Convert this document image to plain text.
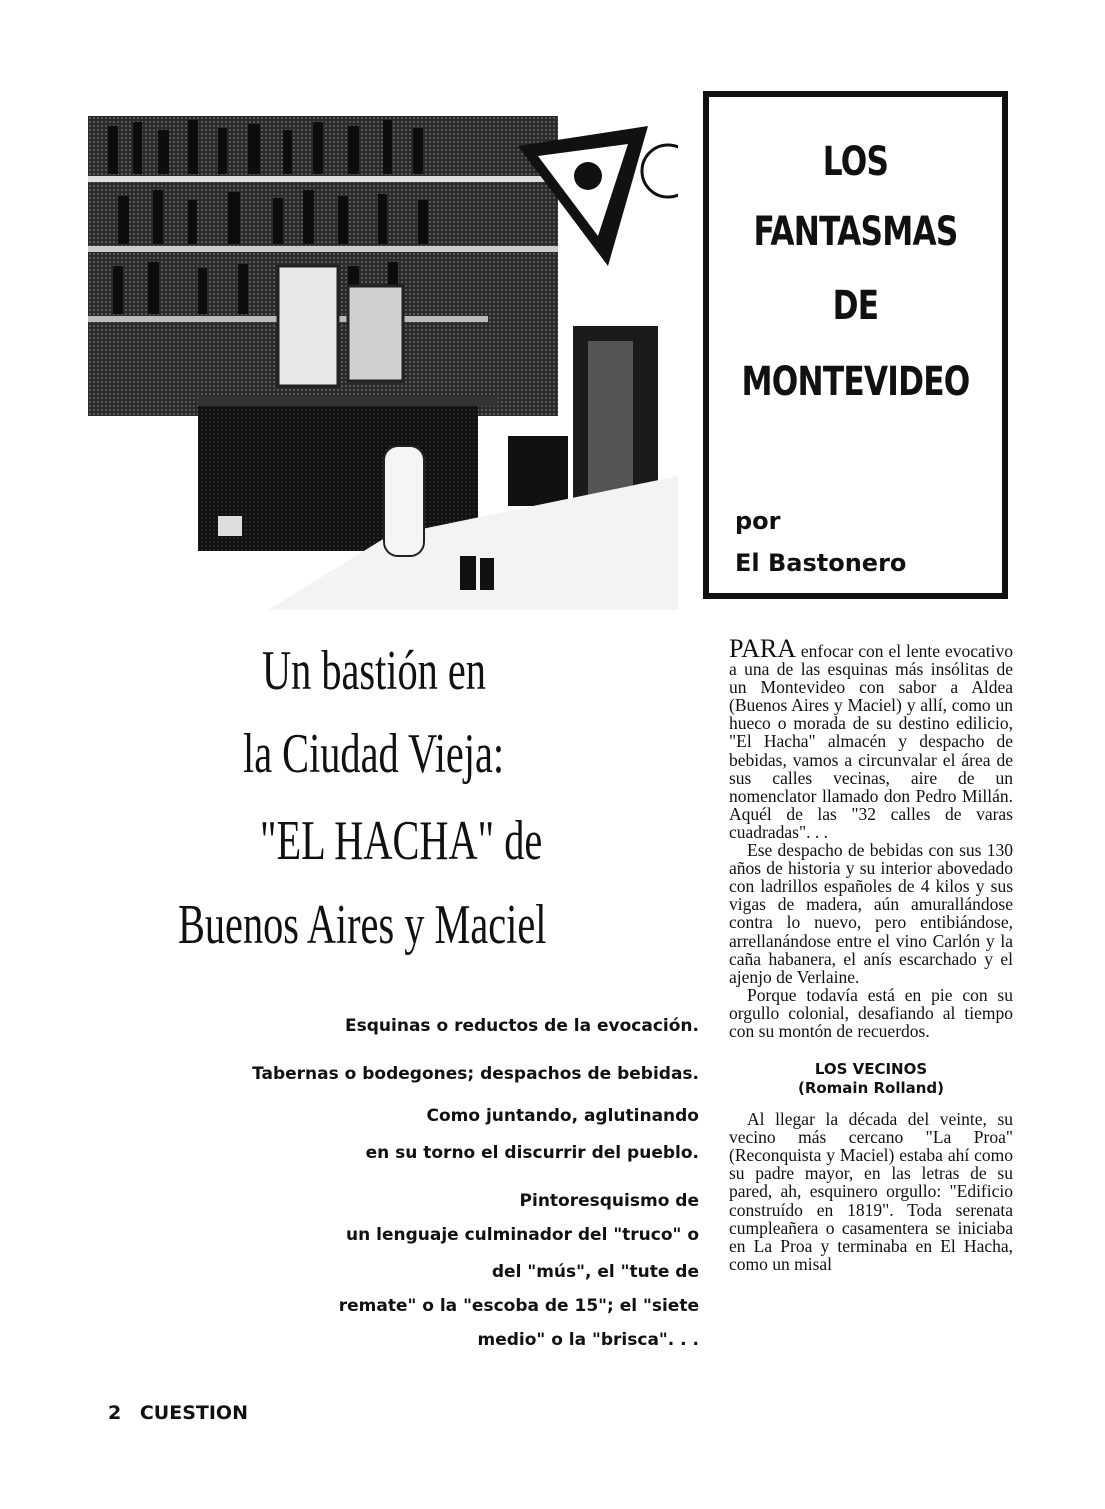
LOS
FANTASMAS
DE
MONTEVIDEO
por
El Bastonero
Un bastión en
la Ciudad Vieja:
"EL HACHA" de
Buenos Aires y Maciel
Esquinas o reductos de la evocación.
Tabernas o bodegones; despachos de bebidas.
Como juntando, aglutinando
en su torno el discurrir del pueblo.
Pintoresquismo de
un lenguaje culminador del "truco" o
del "mús", el "tute de
remate" o la "escoba de 15"; el "siete
medio" o la "brisca". . .

PARA enfocar con el lente evocativo a una de las esquinas más insólitas de un Montevideo con sabor a Aldea (Buenos Aires y Maciel) y allí, como un hueco o morada de su destino edilicio, "El Hacha" almacén y despacho de bebidas, vamos a circunvalar el área de sus calles vecinas, aire de un nomenclator llamado don Pedro Millán. Aquél de las "32 calles de varas cuadradas". . .

Ese despacho de bebidas con sus 130 años de historia y su interior abovedado con ladrillos españoles de 4 kilos y sus vigas de madera, aún amurallándose contra lo nuevo, pero entibiándose, arrellanándose entre el vino Carlón y la caña habanera, el anís escarchado y el ajenjo de Verlaine.

Porque todavía está en pie con su orgullo colonial, desafiando al tiempo con su montón de recuerdos.

LOS VECINOS
(Romain Rolland)

Al llegar la década del veinte, su vecino más cercano "La Proa" (Reconquista y Maciel) estaba ahí como su padre mayor, en las letras de su pared, ah, esquinero orgullo: "Edificio construído en 1819". Toda serenata cumpleañera o casamentera se iniciaba en La Proa y terminaba en El Hacha, como un misal

2 CUESTION
